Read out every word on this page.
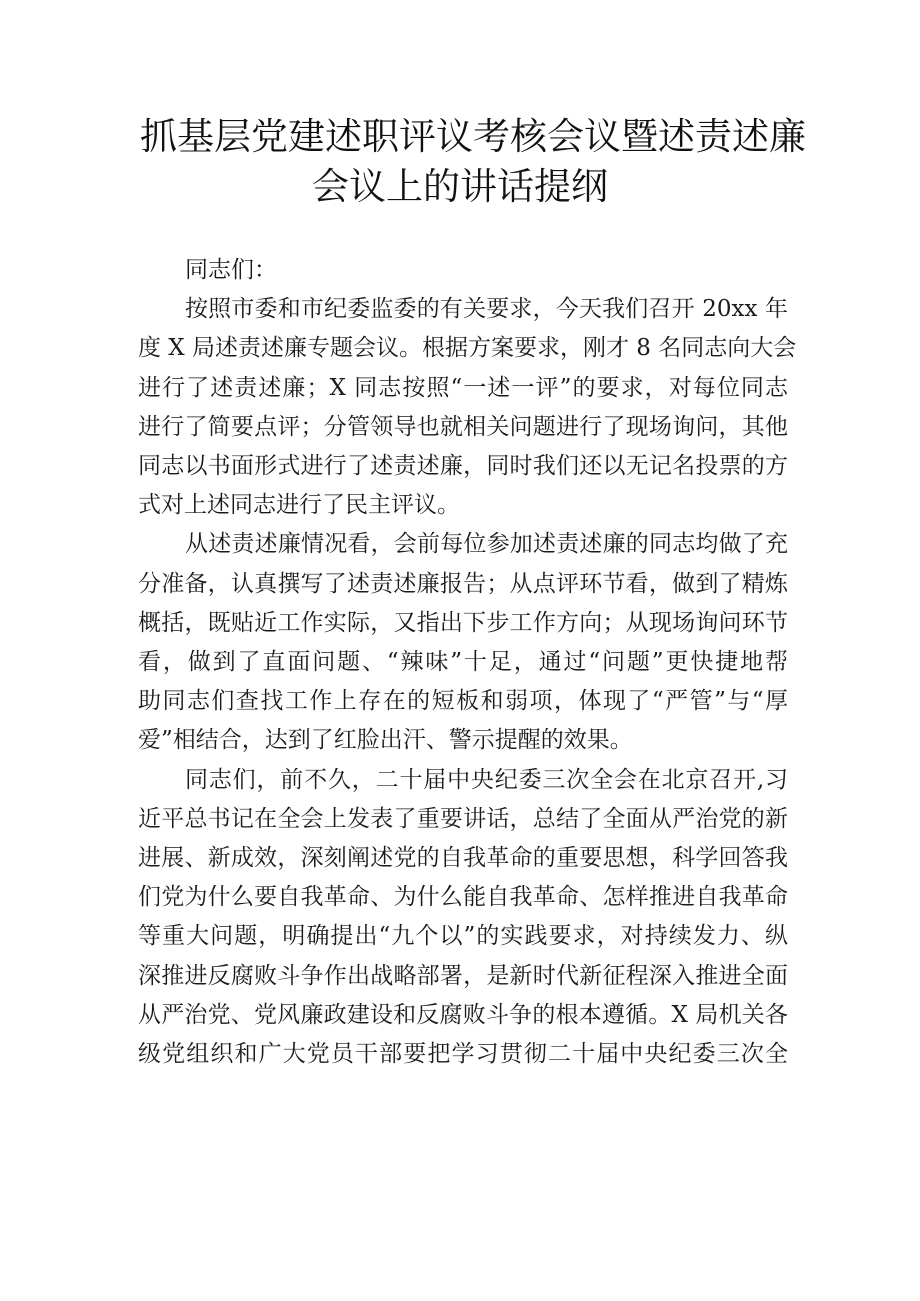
抓基层党建述职评议考核会议暨述责述廉
会议上的讲话提纲

同志们：

按照市委和市纪委监委的有关要求，今天我们召开 20xx 年
度 X 局述责述廉专题会议。根据方案要求，刚才 8 名同志向大会
进行了述责述廉；X 同志按照“一述一评”的要求，对每位同志
进行了简要点评；分管领导也就相关问题进行了现场询问，其他
同志以书面形式进行了述责述廉，同时我们还以无记名投票的方
式对上述同志进行了民主评议。

从述责述廉情况看，会前每位参加述责述廉的同志均做了充
分准备，认真撰写了述责述廉报告；从点评环节看，做到了精炼
概括，既贴近工作实际，又指出下步工作方向；从现场询问环节
看，做到了直面问题、“辣味”十足，通过“问题”更快捷地帮
助同志们查找工作上存在的短板和弱项，体现了“严管”与“厚
爱”相结合，达到了红脸出汗、警示提醒的效果。

同志们，前不久，二十届中央纪委三次全会在北京召开,习
近平总书记在全会上发表了重要讲话，总结了全面从严治党的新
进展、新成效，深刻阐述党的自我革命的重要思想，科学回答我
们党为什么要自我革命、为什么能自我革命、怎样推进自我革命
等重大问题，明确提出“九个以”的实践要求，对持续发力、纵
深推进反腐败斗争作出战略部署，是新时代新征程深入推进全面
从严治党、党风廉政建设和反腐败斗争的根本遵循。X 局机关各
级党组织和广大党员干部要把学习贯彻二十届中央纪委三次全
